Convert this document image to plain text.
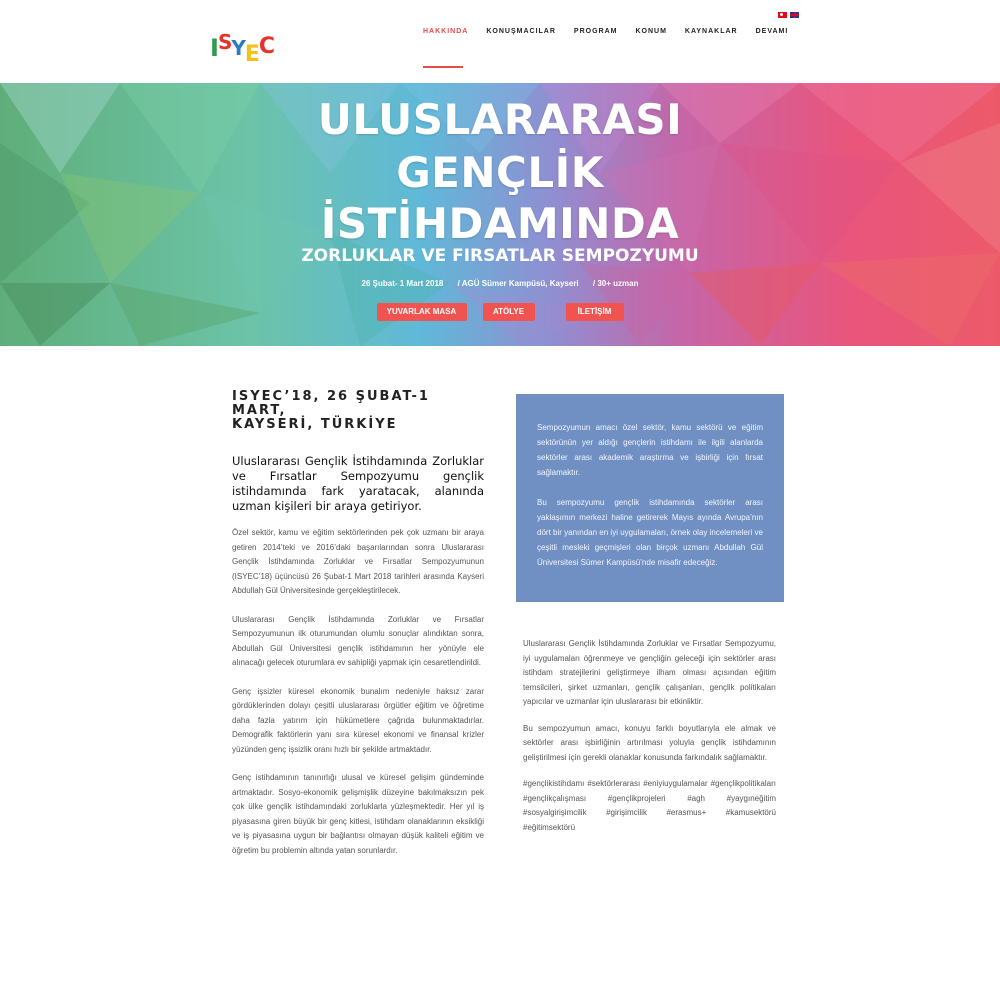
I S Y E C
HAKKINDA	KONUŞMACILAR	PROGRAM	KONUM	KAYNAKLAR	DEVAMI
ULUSLARARASI
GENÇLİK
İSTİHDAMINDA
ZORLUKLAR VE FIRSATLAR SEMPOZYUMU
26 Şubat- 1 Mart 2018 / AGÜ Sümer Kampüsü, Kayseri / 30+ uzman
YUVARLAK MASA	ATÖLYE	İLETİŞİM
ISYEC’18, 26 ŞUBAT-1
MART,
KAYSERİ, TÜRKİYE

Uluslararası Gençlik İstihdamında Zorluklar ve Fırsatlar Sempozyumu gençlik istihdamında fark yaratacak, alanında uzman kişileri bir araya getiriyor.

Özel sektör, kamu ve eğitim sektörlerinden pek çok uzmanı bir araya getiren 2014’teki ve 2016’daki başarılarından sonra Uluslararası Gençlik İstihdamında Zorluklar ve Fırsatlar Sempozyumunun (ISYEC’18) üçüncüsü 26 Şubat-1 Mart 2018 tarihleri arasında Kayseri Abdullah Gül Üniversitesinde gerçekleştirilecek.

Uluslararası Gençlik İstihdamında Zorluklar ve Fırsatlar Sempozyumunun ilk oturumundan olumlu sonuçlar alındıktan sonra, Abdullah Gül Üniversitesi gençlik istihdamının her yönüyle ele alınacağı gelecek oturumlara ev sahipliği yapmak için cesaretlendirildi.

Genç işsizler küresel ekonomik bunalım nedeniyle haksız zarar gördüklerinden dolayı çeşitli uluslararası örgütler eğitim ve öğretime daha fazla yatırım için hükümetlere çağrıda bulunmaktadırlar. Demografik faktörlerin yanı sıra küresel ekonomi ve finansal krizler yüzünden genç işsizlik oranı hızlı bir şekilde artmaktadır.

Genç istihdamının tanınırlığı ulusal ve küresel gelişim gündeminde artmaktadır. Sosyo-ekonomik gelişmişlik düzeyine bakılmaksızın pek çok ülke gençlik istihdamındaki zorluklarla yüzleşmektedir. Her yıl iş piyasasına giren büyük bir genç kitlesi, istihdam olanaklarının eksikliği ve iş piyasasına uygun bir bağlantısı olmayan düşük kaliteli eğitim ve öğretim bu problemin altında yatan sorunlardır.

Sempozyumun amacı özel sektör, kamu sektörü ve eğitim sektörünün yer aldığı gençlerin istihdamı ile ilgili alanlarda sektörler arası akademik araştırma ve işbirliği için fırsat sağlamaktır.

Bu sempozyumu gençlik istihdamında sektörler arası yaklaşımın merkezi haline getirerek Mayıs ayında Avrupa’nın dört bir yanından en iyi uygulamaları, örnek olay incelemeleri ve çeşitli mesleki geçmişleri olan birçok uzmanı Abdullah Gül Üniversitesi Sümer Kampüsü’nde misafir edeceğiz.

Uluslararası Gençlik İstihdamında Zorluklar ve Fırsatlar Sempozyumu, iyi uygulamaları öğrenmeye ve gençliğin geleceği için sektörler arası istihdam stratejilerini geliştirmeye ilham olması açısından eğitim temsilcileri, şirket uzmanları, gençlik çalışanları, gençlik politikaları yapıcılar ve uzmanlar için uluslararası bir etkinliktir.

Bu sempozyumun amacı, konuyu farklı boyutlarıyla ele almak ve sektörler arası işbirliğinin artırılması yoluyla gençlik istihdamının geliştirilmesi için gerekli olanaklar konusunda farkındalık sağlamaktır.

#gençlikistihdamı #sektörlerarası #eniyiuygulamalar #gençlikpolitikaları #gençlikçalışması #gençlikprojeleri #agh #yaygıneğitim #sosyalgirişimcilik #girişimcilik #erasmus+ #kamusektörü #eğitimsektörü
